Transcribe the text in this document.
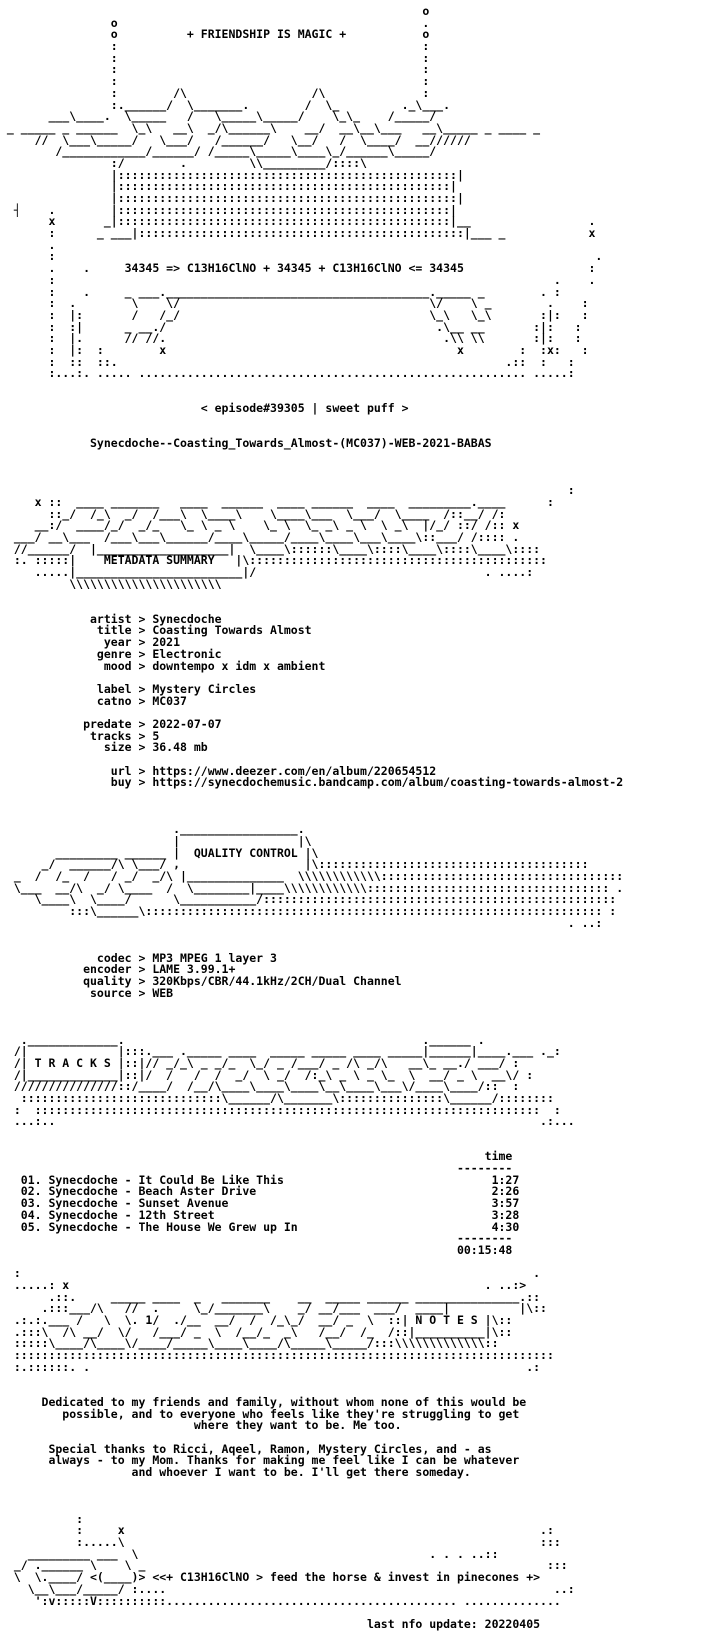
o
o                                            .
o          + FRIENDSHIP IS MAGIC +           o
:                                            :
:                                            :
:                                            :
:                                            :
:        /\                  /\              :
:.______/  \_______.        /  \_         ._\___.
___\____.  \_____   /   \_____\_____/    \_\_    /_____/
_ _____ _ ______  \_\   __\  _/\______\    __/  __\__\___   __\_____ _ ____ _
//  \___\_____/   \___/   /______/   \__/   /  \____/  __//////
/____________/______/ /_____\_____\____\_/______\_____/
:/        .         \\_________/::::\
|:::::::::::::::::::::::::::::::::::::::::::::::::|
|::::::::::::::::::::::::::::::::::::::::::::::::|
|:::::::::::::::::::::::::::::::::::::::::::::::::|
┤    .        |::::::::::::::::::::::::::::::::::::::::::::::::|
x       _|::::::::::::::::::::::::::::::::::::::::::::::::|__                 .
:      _ ___|:::::::::::::::::::::::::::::::::::::::::::::::|___ _            x
.
:                                                                              .
.    .     34345 => C13H16ClNO + 34345 + C13H16ClNO <= 34345                  :
:                                                                        .    .
:    .     _ ___.______________________________________._____ _        . :
:  .        \    \/                                    \/    \ _        .    :
:  |:       /   /_/                                    \_\   \_\       :|:   :
:  :|      _ __./                                       .\__ __       :|:   :
:  |.      // //.                                        .\\ \\       :|:   :
:  |:  :        x                                          x        :  :x:   :
:  ::  ::.                                                        .::  :   :
:...:. ..... ........................................................ .....:
< episode#39305 | sweet puff >
Synecdoche--Coasting_Towards_Almost-(MC037)-WEB-2021-BABAS
:
x ::  ____ _______   ____  ______  ____ ______  ____  _________.____      :
::_/  /_\  _/  /___\  \____\    \____\___  \___/  \____  /::__/ /:
__:/  ____/_/  _/_   \_ \ _ \    \_ \  \_ _\ _ \  \ _\  |/_/ ::/ /:: x
___/ __\___  /___\___\______/____\_____/____\____\___\____\::___/ /:::: .
//______/  |___________________|  \____\::::::\____\::::\____\::::\____\::::
:. :::::|    METADATA SUMMARY   |\:::::::::::::::::::::::::::::::::::::::::::
.....|________________________|/                                 . ....:
\\\\\\\\\\\\\\\\\\\\\\
artist > Synecdoche
title > Coasting Towards Almost
year > 2021
genre > Electronic
mood > downtempo x idm x ambient
label > Mystery Circles
catno > MC037
predate > 2022-07-07
tracks > 5
size > 36.48 mb
url > https://www.deezer.com/en/album/220654512
buy > https://synecdochemusic.bandcamp.com/album/coasting-towards-almost-2
._________________.
|                 |\
_________ ______ |  QUALITY CONTROL |\
_/  ______/\ \___/ ,                  |\:::::::::::::::::::::::::::::::::::::::
_  /  /_  /   / _/  _/\ |______________  \\\\\\\\\\\\:::::::::::::::::::::::::::::::::::
\___  __/\  _/ \____  /  \________|____\\\\\\\\\\\\::::::::::::::::::::::::::::::::::: .
\____\  \____/      \___________/:::::::::::::::::::::::::::::::::::::::::::::::::::
:::\______\:::::::::::::::::::::::::::::::::::::::::::::::::::::::::::::::::: :
. ..:
codec > MP3 MPEG 1 layer 3
encoder > LAME 3.99.1+
quality > 320Kbps/CBR/44.1kHz/2CH/Dual Channel
source > WEB
._____________.                                           .______ .
/|             |:::.___ ._____ ____  _____ _____ ____ _____|______|____.___ ._:
/| T R A C K S |::|// _/_\ _ _/_  \_/ _ /___/ _ /\ _/\   __\_ __./ ___/ :
/|_____________|::|/  /   /  /  _/  \ _/  /:_\ _ \ _ \_  \  __/ _ \  __\/ :
///////////////::/____/  /__/\____\____\____\__\____\___\/____\____/::  :
:::::::::::::::::::::::::::::\______/\_______\:::::::::::::::\______/::::::::
:  :::::::::::::::::::::::::::::::::::::::::::::::::::::::::::::::::::::::::  :
...:..                                                                      .:...
time
--------
01. Synecdoche - It Could Be Like This                              1:27
02. Synecdoche - Beach Aster Drive                                  2:26
03. Synecdoche - Sunset Avenue                                      3:57
04. Synecdoche - 12th Street                                        3:28
05. Synecdoche - The House We Grew up In                            4:30
--------
00:15:48
:                                                                          .
.....: x                                                            . ..:>
.::.     _____ ____  _   _______    __  _____ ______ _______________.::
.:::___/\   //  .     \_/_______\    _/ __/___  ___/  ____|          |\::
.:.:.___ /   \  \. 1/  ./__  __/  /  /_\_/  __/ _  \  ::| N O T E S |\::
.:::\  /\ __/  \/   /___/ _  \  /__/_  _\   /__/  /_  /::|__________|\::
:::::\____/\____\/____/_____\____\____/\_____\_____/:::\\\\\\\\\\\\\::
::::::::::::::::::::::::::::::::::::::::::::::::::::::::::::::::::::::::::::::
:.::::::. .                                                               .:
Dedicated to my friends and family, without whom none of this would be
possible, and to everyone who feels like they're struggling to get
where they want to be. Me too.
Special thanks to Ricci, Aqeel, Ramon, Mystery Circles, and - as
always - to my Mom. Thanks for making me feel like I can be whatever
and whoever I want to be. I'll get there someday.
:
:     x                                                            .:
:.....\                                                            :::
_________ ___  \                                          . . . ..::
_/ .______ \    \ _                                                          :::
\  \.____/ <(____)> <<+ C13H16ClNO > feed the horse & invest in pinecones +>
\__\___/_____/ :....                                                        ..:
':v:::::V::::::::::.......................................... ..............
last nfo update: 20220405
